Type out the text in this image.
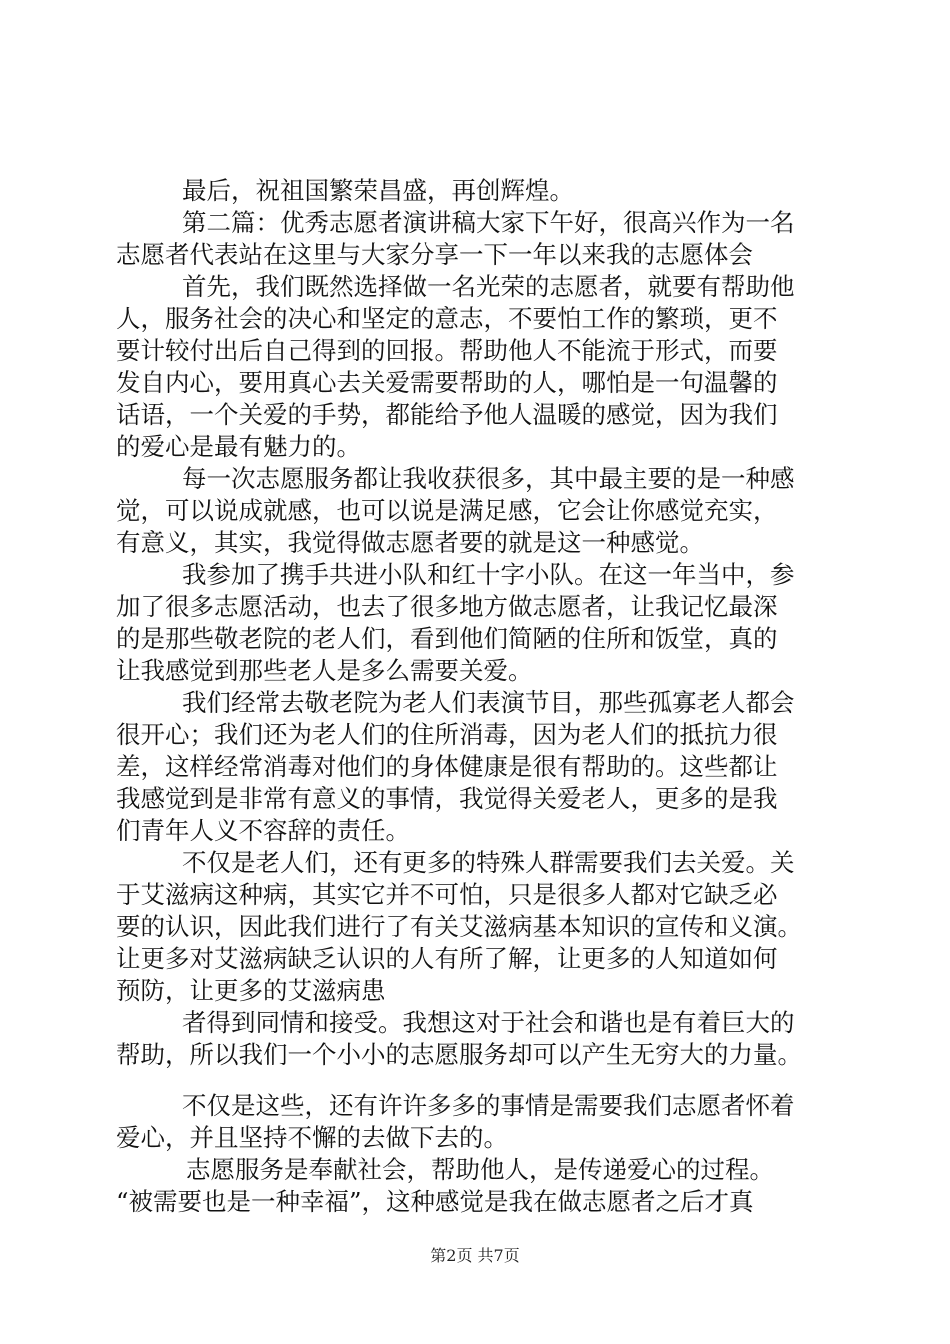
最后，祝祖国繁荣昌盛，再创辉煌。
第二篇：优秀志愿者演讲稿大家下午好，很高兴作为一名
志愿者代表站在这里与大家分享一下一年以来我的志愿体会
首先，我们既然选择做一名光荣的志愿者，就要有帮助他
人，服务社会的决心和坚定的意志，不要怕工作的繁琐，更不
要计较付出后自己得到的回报。帮助他人不能流于形式，而要
发自内心，要用真心去关爱需要帮助的人，哪怕是一句温馨的
话语，一个关爱的手势，都能给予他人温暖的感觉，因为我们
的爱心是最有魅力的。
每一次志愿服务都让我收获很多，其中最主要的是一种感
觉，可以说成就感，也可以说是满足感，它会让你感觉充实，
有意义，其实，我觉得做志愿者要的就是这一种感觉。
我参加了携手共进小队和红十字小队。在这一年当中，参
加了很多志愿活动，也去了很多地方做志愿者，让我记忆最深
的是那些敬老院的老人们，看到他们简陋的住所和饭堂，真的
让我感觉到那些老人是多么需要关爱。
我们经常去敬老院为老人们表演节目，那些孤寡老人都会
很开心；我们还为老人们的住所消毒，因为老人们的抵抗力很
差，这样经常消毒对他们的身体健康是很有帮助的。这些都让
我感觉到是非常有意义的事情，我觉得关爱老人，更多的是我
们青年人义不容辞的责任。
不仅是老人们，还有更多的特殊人群需要我们去关爱。关
于艾滋病这种病，其实它并不可怕，只是很多人都对它缺乏必
要的认识，因此我们进行了有关艾滋病基本知识的宣传和义演。
让更多对艾滋病缺乏认识的人有所了解，让更多的人知道如何
预防，让更多的艾滋病患
者得到同情和接受。我想这对于社会和谐也是有着巨大的
帮助，所以我们一个小小的志愿服务却可以产生无穷大的力量。
不仅是这些，还有许许多多的事情是需要我们志愿者怀着
爱心，并且坚持不懈的去做下去的。
志愿服务是奉献社会，帮助他人，是传递爱心的过程。
“被需要也是一种幸福”，这种感觉是我在做志愿者之后才真
第2页 共7页
